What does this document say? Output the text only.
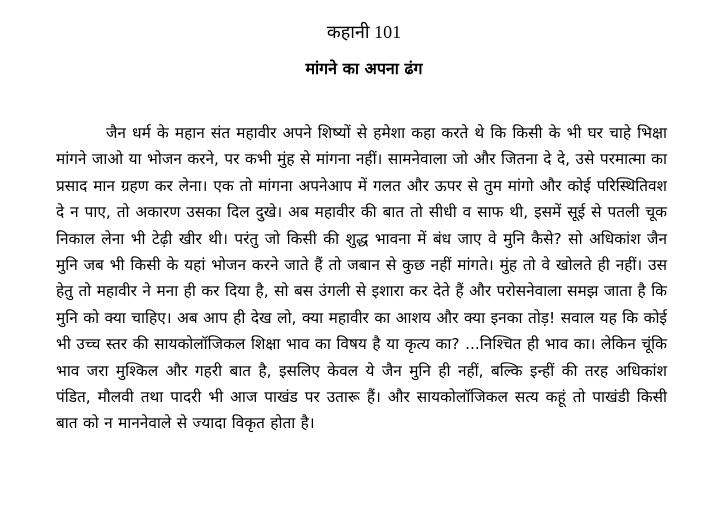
कहानी 101
मांगने का अपना ढंग

जैन धर्म के महान संत महावीर अपने शिष्यों से हमेशा कहा करते थे कि किसी के भी घर चाहे भिक्षा मांगने जाओ या भोजन करने, पर कभी मुंह से मांगना नहीं। सामनेवाला जो और जितना दे दे, उसे परमात्मा का प्रसाद मान ग्रहण कर लेना। एक तो मांगना अपनेआप में गलत और ऊपर से तुम मांगो और कोई परिस्थितिवश दे न पाए, तो अकारण उसका दिल दुखे। अब महावीर की बात तो सीधी व साफ थी, इसमें सूई से पतली चूक निकाल लेना भी टेढ़ी खीर थी। परंतु जो किसी की शुद्ध भावना में बंध जाए वे मुनि कैसे? सो अधिकांश जैन मुनि जब भी किसी के यहां भोजन करने जाते हैं तो जबान से कुछ नहीं मांगते। मुंह तो वे खोलते ही नहीं। उस हेतु तो महावीर ने मना ही कर दिया है, सो बस उंगली से इशारा कर देते हैं और परोसनेवाला समझ जाता है कि मुनि को क्या चाहिए। अब आप ही देख लो, क्या महावीर का आशय और क्या इनका तोड़! सवाल यह कि कोई भी उच्च स्तर की सायकोलॉजिकल शिक्षा भाव का विषय है या कृत्य का? ...निश्चित ही भाव का। लेकिन चूंकि भाव जरा मुश्किल और गहरी बात है, इसलिए केवल ये जैन मुनि ही नहीं, बल्कि इन्हीं की तरह अधिकांश पंडित, मौलवी तथा पादरी भी आज पाखंड पर उतारू हैं। और सायकोलॉजिकल सत्य कहूं तो पाखंडी किसी बात को न माननेवाले से ज्यादा विकृत होता है।
